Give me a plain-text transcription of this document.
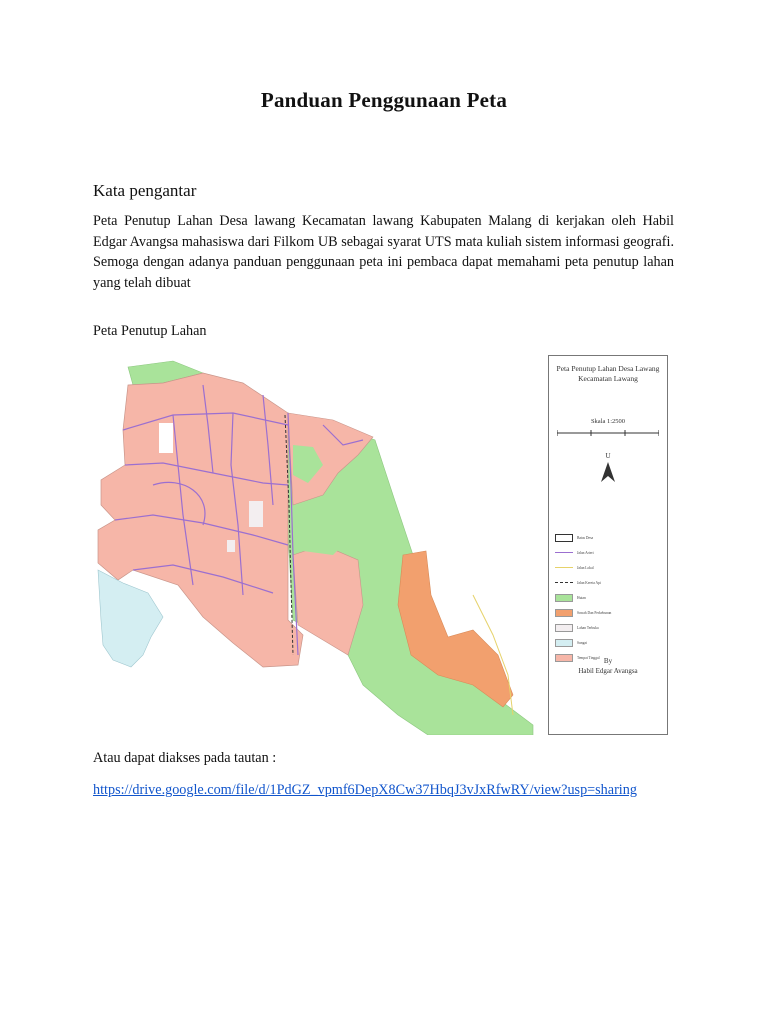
Panduan Penggunaan Peta
Kata pengantar
Peta Penutup Lahan Desa lawang Kecamatan lawang Kabupaten Malang di kerjakan oleh Habil Edgar Avangsa mahasiswa dari Filkom UB sebagai syarat UTS mata kuliah sistem informasi geografi. Semoga dengan adanya panduan penggunaan peta ini pembaca dapat memahami peta penutup lahan yang telah dibuat
Peta Penutup Lahan
Peta Penutup Lahan Desa Lawang Kecamatan Lawang
Skala 1:2500
U
Batas Desa
Jalan Arteri
Jalan Lokal
Jalan Kereta Api
Hutan
Sawah Dan Perkebunan
Lahan Terbuka
Sungai
Tempat Tinggal By
Habil Edgar Avangsa
Atau dapat diakses pada tautan :
https://drive.google.com/file/d/1PdGZ_vpmf6DepX8Cw37HbqJ3vJxRfwRY/view?usp=sharing
